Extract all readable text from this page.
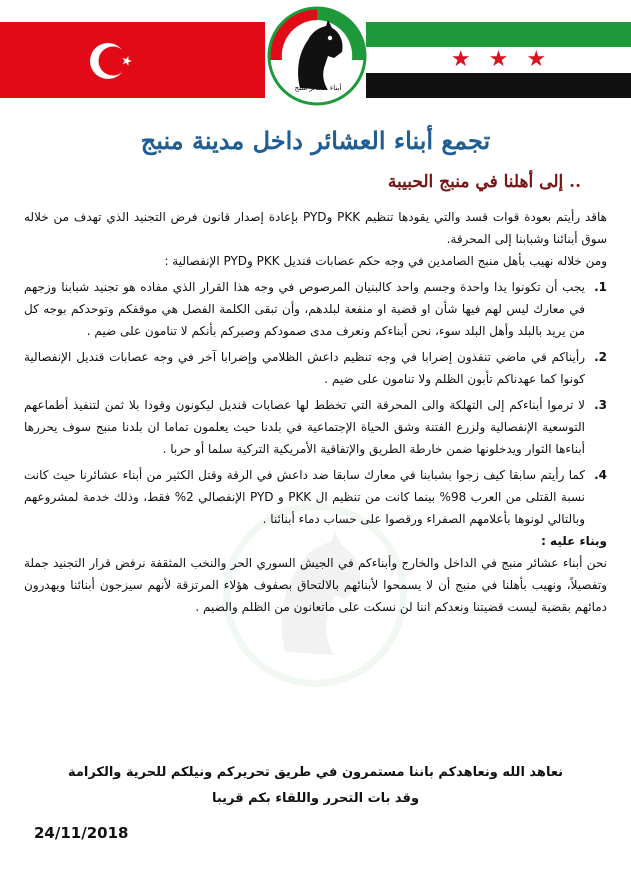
★ ★ ★
أبناء عشائر منبج
تجمع أبناء العشائر داخل مدينة منبج
إلى أهلنا في منبج الحبيبة ..

هاقد رأيتم بعودة قوات قسد والتي يقودها تنظيم PKK وPYD بإعادة إصدار قانون فرض التجنيد الذي تهدف من خلاله سوق أبنائنا وشبابنا إلى المحرقة.

ومن خلاله نهيب بأهل منبج الصامدين في وجه حكم عصابات قنديل PKK وPYD الإنفصالية :

1.
يجب أن تكونوا يدا واحدة وجسم واحد كالبنيان المرصوص في وجه هذا القرار الذي مفاده هو تجنيد شبابنا وزجهم في معارك ليس لهم فيها شأن او قضية او منفعة لبلدهم، وأن تبقى الكلمة الفصل هي موقفكم وتوحدكم بوجه كل من يريد بالبلد وأهل البلد سوء، نحن أبناءكم ونعرف مدى صمودكم وصبركم بأنكم لا تنامون على ضيم .
2.
رأيناكم في ماضي تنفذون إضرابا في وجه تنظيم داعش الظلامي وإضرابا آخر في وجه عصابات قنديل الإنفصالية كونوا كما عهدناكم تأبون الظلم ولا تنامون على ضيم .
3.
لا ترموا أبناءكم إلى التهلكة والى المحرقة التي تخطط لها عصابات قنديل ليكونون وقودا بلا ثمن لتنفيذ أطماعهم التوسعية الإنفصالية ولزرع الفتنة وشق الحياة الإجتماعية في بلدنا حيث يعلمون تماما ان بلدنا منبج سوف يحررها أبناءها الثوار ويدخلونها ضمن خارطة الطريق والإتفاقية الأمريكية التركية سلما أو حربا .
4.
كما رأيتم سابقا كيف زجوا بشبابنا في معارك سابقا ضد داعش في الرقة وقتل الكثير من أبناء عشائرنا حيث كانت نسبة القتلى من العرب 98% بينما كانت من تنظيم ال PKK و PYD الإنفصالي 2% فقط، وذلك خدمة لمشروعهم وبالتالي لونوها بأعلامهم الصفراء ورقصوا على حساب دماء أبنائنا .

وبناء عليه :

نحن أبناء عشائر منبج في الداخل والخارج وأبناءكم في الجيش السوري الحر والنخب المثقفة نرفض قرار التجنيد جملة وتفصيلاً، ونهيب بأهلنا في منبج أن لا يسمحوا لأبنائهم بالالتحاق بصفوف هؤلاء المرتزقة لأنهم سيزجون أبنائنا ويهدرون دمائهم بقضية ليست قضيتنا ونعدكم اننا لن نسكت على ماتعانون من الظلم والضيم .

نعاهد الله ونعاهدكم باننا مستمرون في طريق تحريركم ونيلكم للحرية والكرامة
وقد بات التحرر واللقاء بكم قريبا
24/11/2018
